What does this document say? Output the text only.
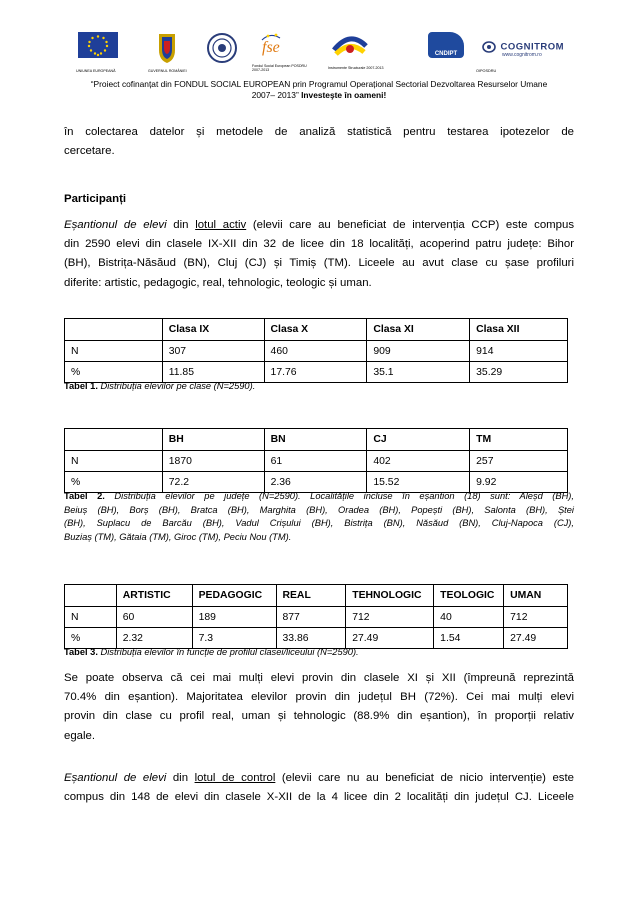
UNIUNEA EUROPEANĂ	GUVERNUL ROMÂNIEI
fse
Fondul Social European POSDRU 2007-2013
Instrumente Structurale 2007-2013
CNDIPT
OIPOSDRU
COGNITROM
www.cognitrom.ro
“Proiect cofinanțat din FONDUL SOCIAL EUROPEAN prin Programul Operațional Sectorial Dezvoltarea Resurselor Umane
2007– 2013” Investeşte în oameni!
în colectarea datelor și metodele de analiză statistică pentru testarea ipotezelor de
cercetare.
Participanți
Eșantionul de elevi din lotul activ (elevii care au beneficiat de intervenția CCP) este compus
din 2590 elevi din clasele IX-XII din 32 de licee din 18 localități, acoperind patru județe: Bihor
(BH), Bistrița-Năsăud (BN), Cluj (CJ) și Timiș (TM). Liceele au avut clase cu șase profiluri
diferite: artistic, pedagogic, real, tehnologic, teologic și uman.
	Clasa IX	Clasa X	Clasa XI	Clasa XII
N	307	460	909	914
%	11.85	17.76	35.1	35.29
Tabel 1. Distribuția elevilor pe clase (N=2590).
	BH	BN	CJ	TM
N	1870	61	402	257
%	72.2	2.36	15.52	9.92
Tabel 2. Distribuția elevilor pe județe (N=2590). Localitățile incluse în eșantion (18) sunt: Aleșd (BH),
Beiuș (BH), Borș (BH), Bratca (BH), Marghita (BH), Oradea (BH), Popești (BH), Salonta (BH), Ștei
(BH), Suplacu de Barcău (BH), Vadul Crișului (BH), Bistrița (BN), Năsăud (BN), Cluj-Napoca (CJ),
Buziaș (TM), Gătaia (TM), Giroc (TM), Peciu Nou (TM).
	ARTISTIC	PEDAGOGIC	REAL	TEHNOLOGIC	TEOLOGIC	UMAN
N	60	189	877	712	40	712
%	2.32	7.3	33.86	27.49	1.54	27.49
Tabel 3. Distribuția elevilor în funcție de profilul clasei/liceului (N=2590).
Se poate observa că cei mai mulți elevi provin din clasele XI și XII (împreună reprezintă
70.4% din eșantion). Majoritatea elevilor provin din județul BH (72%). Cei mai mulți elevi
provin din clase cu profil real, uman și tehnologic (88.9% din eșantion), în proporții relativ
egale.
Eșantionul de elevi din lotul de control (elevii care nu au beneficiat de nicio intervenție) este
compus din 148 de elevi din clasele X-XII de la 4 licee din 2 localități din județul CJ. Liceele
